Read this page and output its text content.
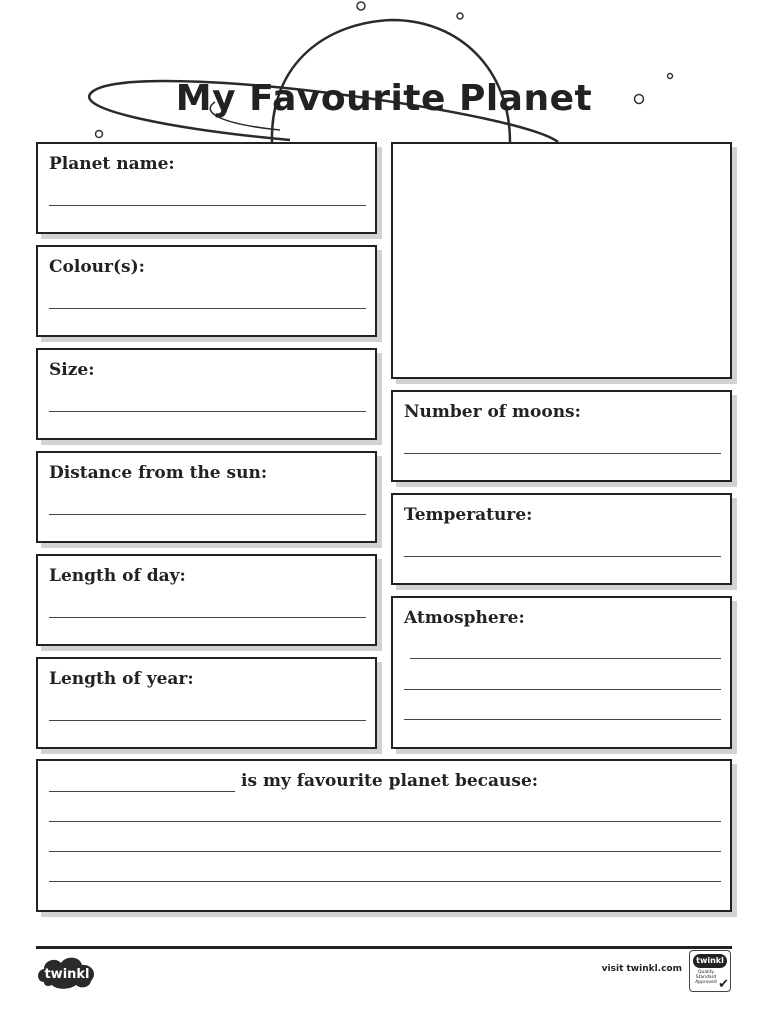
My Favourite Planet
Planet name:
Colour(s):
Size:
Distance from the sun:
Length of day:
Length of year:
Number of moons:
Temperature:
Atmosphere:
is my favourite planet because:
twinkl	visit twinkl.com
twinkl
Quality Standard Approved ✔
